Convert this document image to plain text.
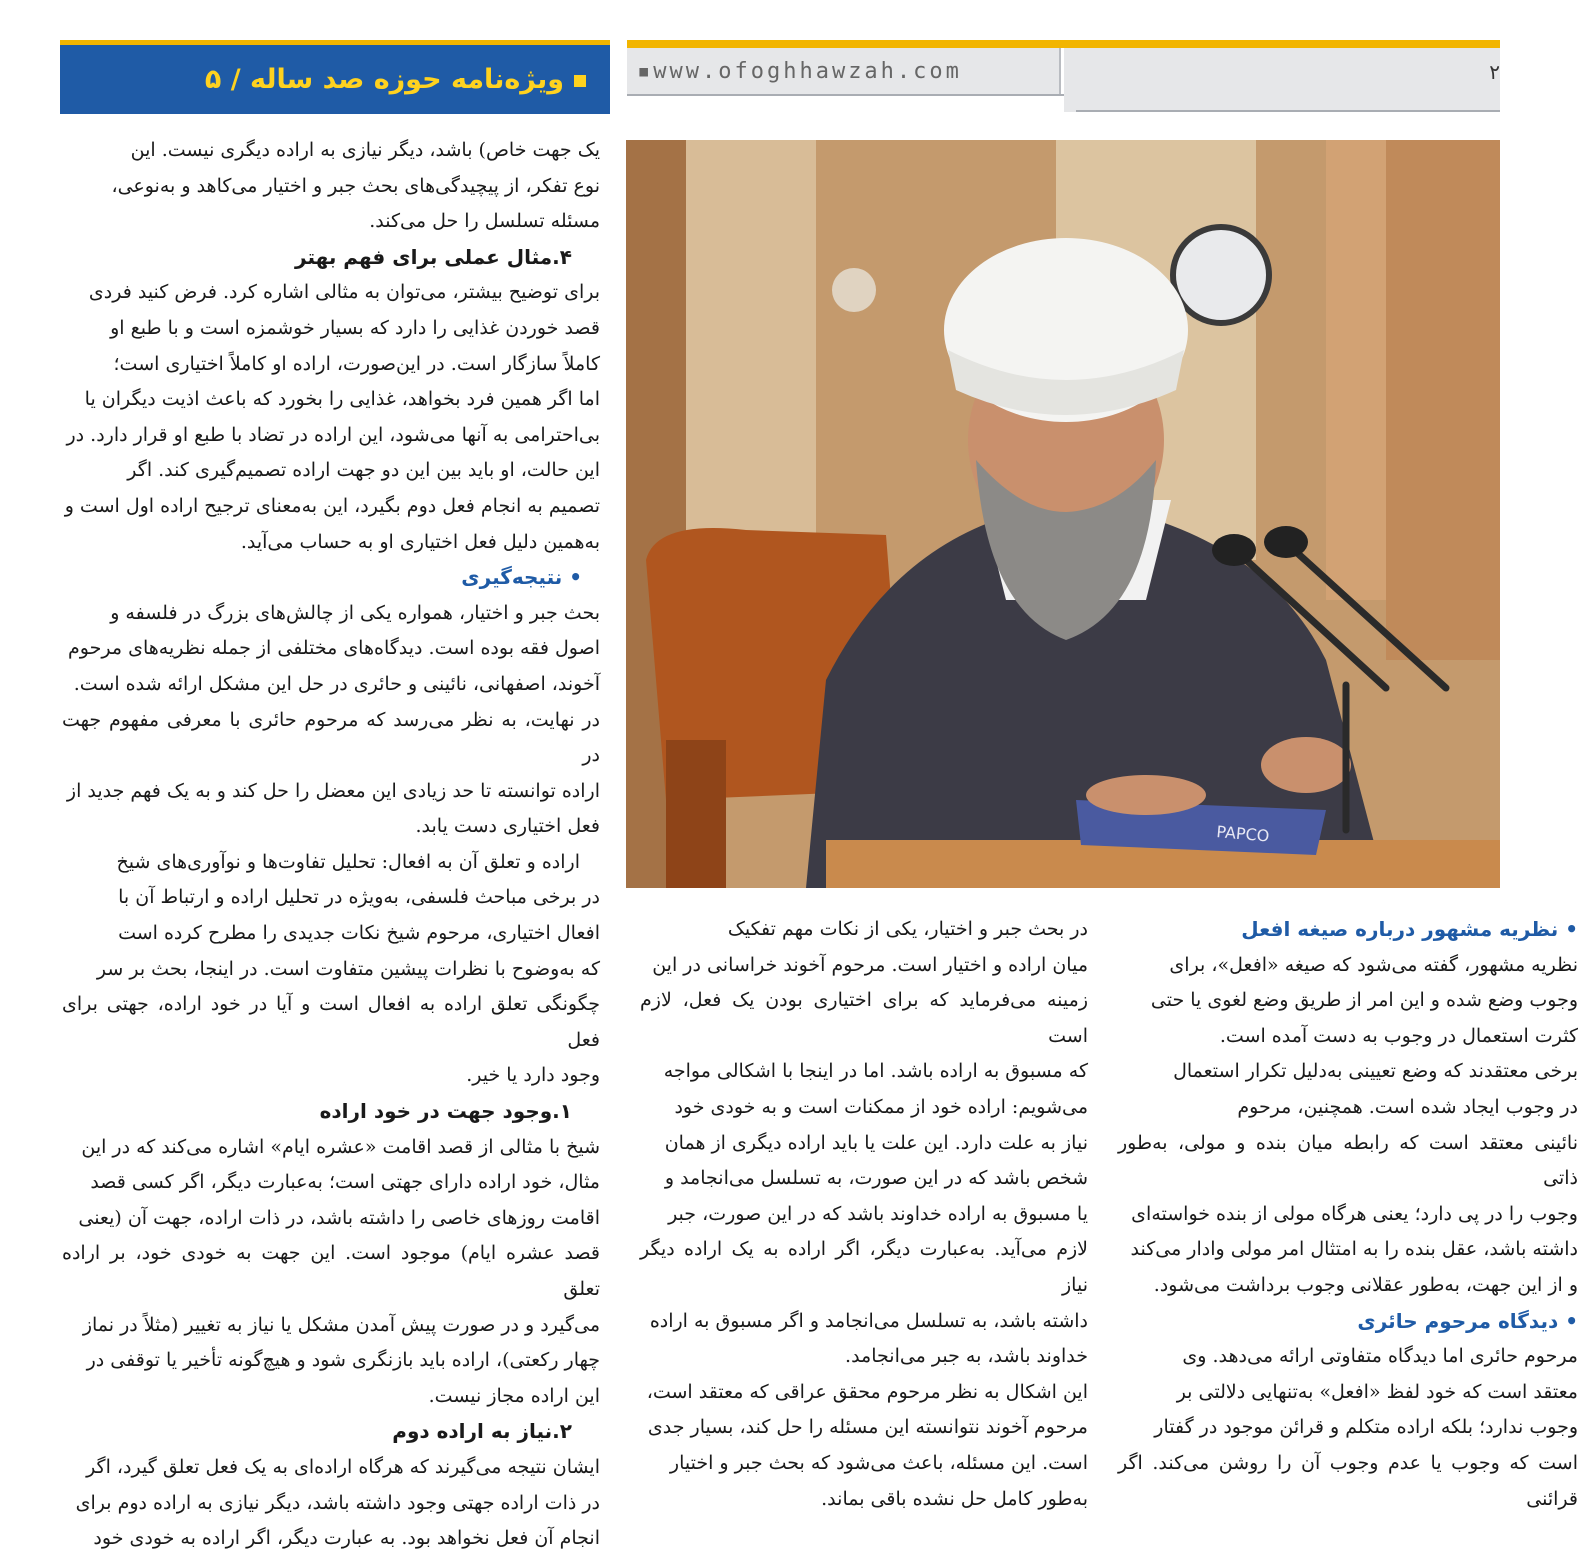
ویژه‌نامه حوزه صد ساله / ۵	▪www.ofoghhawzah.com	۲
PAPCO

یک جهت خاص) باشد، دیگر نیازی به اراده دیگری نیست. این

نوع تفکر، از پیچیدگی‌های بحث جبر و اختیار می‌کاهد و به‌نوعی،

مسئله تسلسل را حل می‌کند.

۴.مثال عملی برای فهم بهتر

برای توضیح بیشتر، می‌توان به مثالی اشاره کرد. فرض کنید فردی

قصد خوردن غذایی را دارد که بسیار خوشمزه است و با طبع او

کاملاً سازگار است. در این‌صورت، اراده او کاملاً اختیاری است؛

اما اگر همین فرد بخواهد، غذایی را بخورد که باعث اذیت دیگران یا

بی‌احترامی به آنها می‌شود، این اراده در تضاد با طبع او قرار دارد. در

این حالت، او باید بین این دو جهت اراده تصمیم‌گیری کند. اگر

تصمیم به انجام فعل دوم بگیرد، این به‌معنای ترجیح اراده اول است و

به‌همین دلیل فعل اختیاری او به حساب می‌آید.

• نتیجه‌گیری

بحث جبر و اختیار، همواره یکی از چالش‌های بزرگ در فلسفه و

اصول فقه بوده است. دیدگاه‌های مختلفی از جمله نظریه‌های مرحوم

آخوند، اصفهانی، نائینی و حائری در حل این مشکل ارائه شده است.

در نهایت، به نظر می‌رسد که مرحوم حائری با معرفی مفهوم جهت در

اراده توانسته تا حد زیادی این معضل را حل کند و به یک فهم جدید از

فعل اختیاری دست یابد.

اراده و تعلق آن به افعال: تحلیل تفاوت‌ها و نوآوری‌های شیخ

در برخی مباحث فلسفی، به‌ویژه در تحلیل اراده و ارتباط آن با

افعال اختیاری، مرحوم شیخ نکات جدیدی را مطرح کرده است

که به‌وضوح با نظرات پیشین متفاوت است. در اینجا، بحث بر سر

چگونگی تعلق اراده به افعال است و آیا در خود اراده، جهتی برای فعل

وجود دارد یا خیر.

۱.وجود جهت در خود اراده

شیخ با مثالی از قصد اقامت «عشره ایام» اشاره می‌کند که در این

مثال، خود اراده دارای جهتی است؛ به‌عبارت دیگر، اگر کسی قصد

اقامت روزهای خاصی را داشته باشد، در ذات اراده، جهت آن (یعنی

قصد عشره ایام) موجود است. این جهت به خودی خود، بر اراده تعلق

می‌گیرد و در صورت پیش آمدن مشکل یا نیاز به تغییر (مثلاً در نماز

چهار رکعتی)، اراده باید بازنگری شود و هیچ‌گونه تأخیر یا توقفی در

این اراده مجاز نیست.

۲.نیاز به اراده دوم

ایشان نتیجه می‌گیرند که هرگاه اراده‌ای به یک فعل تعلق گیرد، اگر

در ذات اراده جهتی وجود داشته باشد، دیگر نیازی به اراده دوم برای

انجام آن فعل نخواهد بود. به عبارت دیگر، اگر اراده به خودی خود

در بحث جبر و اختیار، یکی از نکات مهم تفکیک

میان اراده و اختیار است. مرحوم آخوند خراسانی در این

زمینه می‌فرماید که برای اختیاری بودن یک فعل، لازم است

که مسبوق به اراده باشد. اما در اینجا با اشکالی مواجه

می‌شویم: اراده خود از ممکنات است و به خودی خود

نیاز به علت دارد. این علت یا باید اراده دیگری از همان

شخص باشد که در این صورت، به تسلسل می‌انجامد و

یا مسبوق به اراده خداوند باشد که در این صورت، جبر

لازم می‌آید. به‌عبارت دیگر، اگر اراده به یک اراده دیگر نیاز

داشته باشد، به تسلسل می‌انجامد و اگر مسبوق به اراده

خداوند باشد، به جبر می‌انجامد.

این اشکال به نظر مرحوم محقق عراقی که معتقد است،

مرحوم آخوند نتوانسته این مسئله را حل کند، بسیار جدی

است. این مسئله، باعث می‌شود که بحث جبر و اختیار

به‌طور کامل حل نشده باقی بماند.

• نظریه مشهور درباره صیغه افعل

نظریه مشهور، گفته می‌شود که صیغه «افعل»، برای

وجوب وضع شده و این امر از طریق وضع لغوی یا حتی

کثرت استعمال در وجوب به دست آمده است.

برخی معتقدند که وضع تعیینی به‌دلیل تکرار استعمال

در وجوب ایجاد شده است. همچنین، مرحوم

نائینی معتقد است که رابطه میان بنده و مولی، به‌طور ذاتی

وجوب را در پی دارد؛ یعنی هرگاه مولی از بنده خواسته‌ای

داشته باشد، عقل بنده را به امتثال امر مولی وادار می‌کند

و از این جهت، به‌طور عقلانی وجوب برداشت می‌شود.

• دیدگاه مرحوم حائری

مرحوم حائری اما دیدگاه متفاوتی ارائه می‌دهد. وی

معتقد است که خود لفظ «افعل» به‌تنهایی دلالتی بر

وجوب ندارد؛ بلکه اراده متکلم و قرائن موجود در گفتار

است که وجوب یا عدم وجوب آن را روشن می‌کند. اگر قرائنی
